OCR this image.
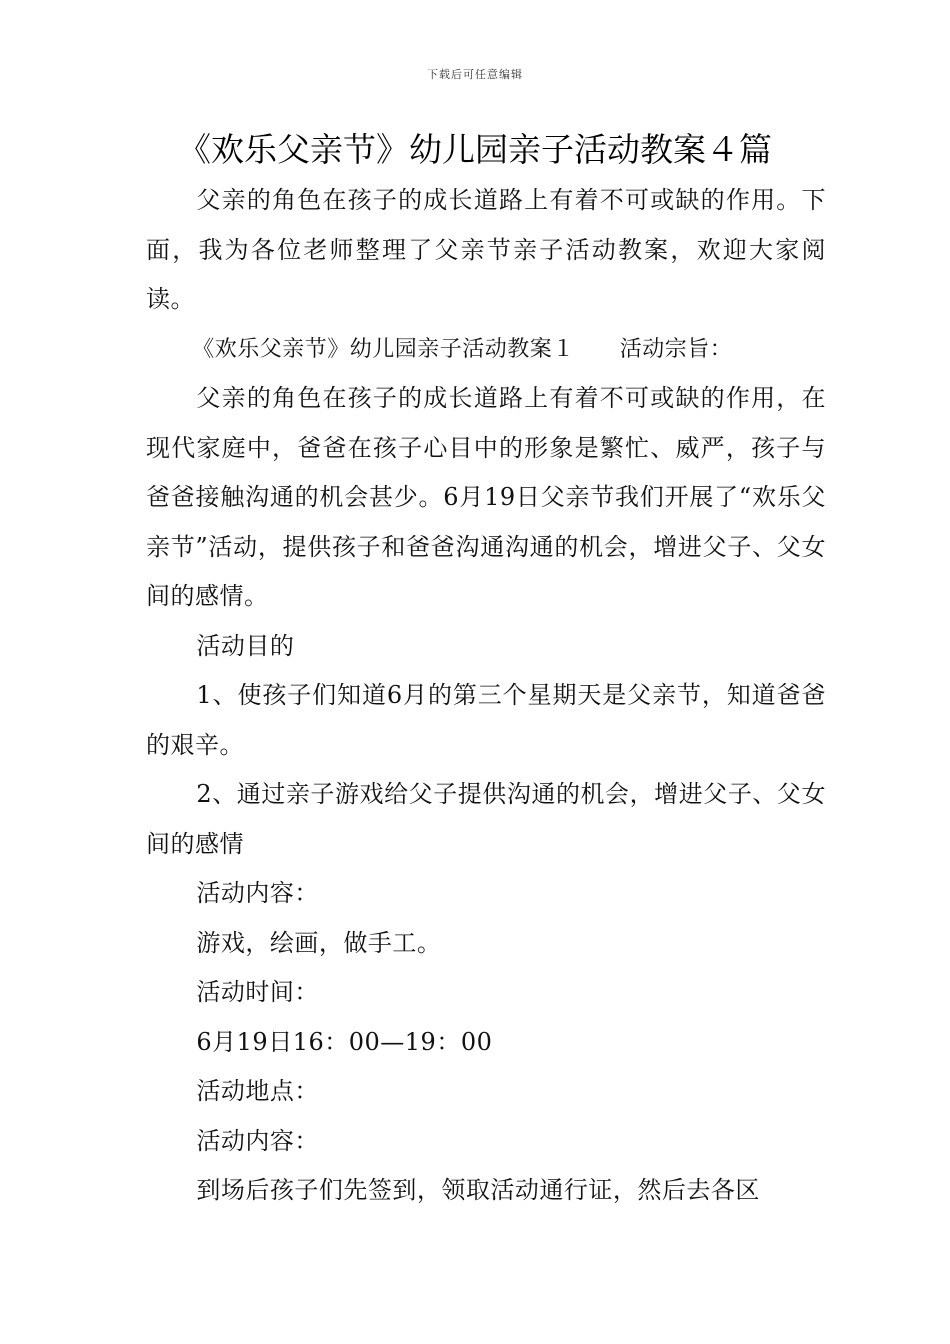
下载后可任意编辑
《欢乐父亲节》幼儿园亲子活动教案４篇

父亲的角色在孩子的成长道路上有着不可或缺的作用。下面，我为各位老师整理了父亲节亲子活动教案，欢迎大家阅读。

《欢乐父亲节》幼儿园亲子活动教案１　　活动宗旨：

父亲的角色在孩子的成长道路上有着不可或缺的作用，在现代家庭中，爸爸在孩子心目中的形象是繁忙、威严，孩子与爸爸接触沟通的机会甚少。6月19日父亲节我们开展了“欢乐父亲节”活动，提供孩子和爸爸沟通沟通的机会，增进父子、父女间的感情。

活动目的

1、使孩子们知道6月的第三个星期天是父亲节，知道爸爸的艰辛。

2、通过亲子游戏给父子提供沟通的机会，增进父子、父女间的感情

活动内容：

游戏，绘画，做手工。

活动时间：

6月19日16：00—19：00

活动地点：

活动内容：

到场后孩子们先签到，领取活动通行证，然后去各区
